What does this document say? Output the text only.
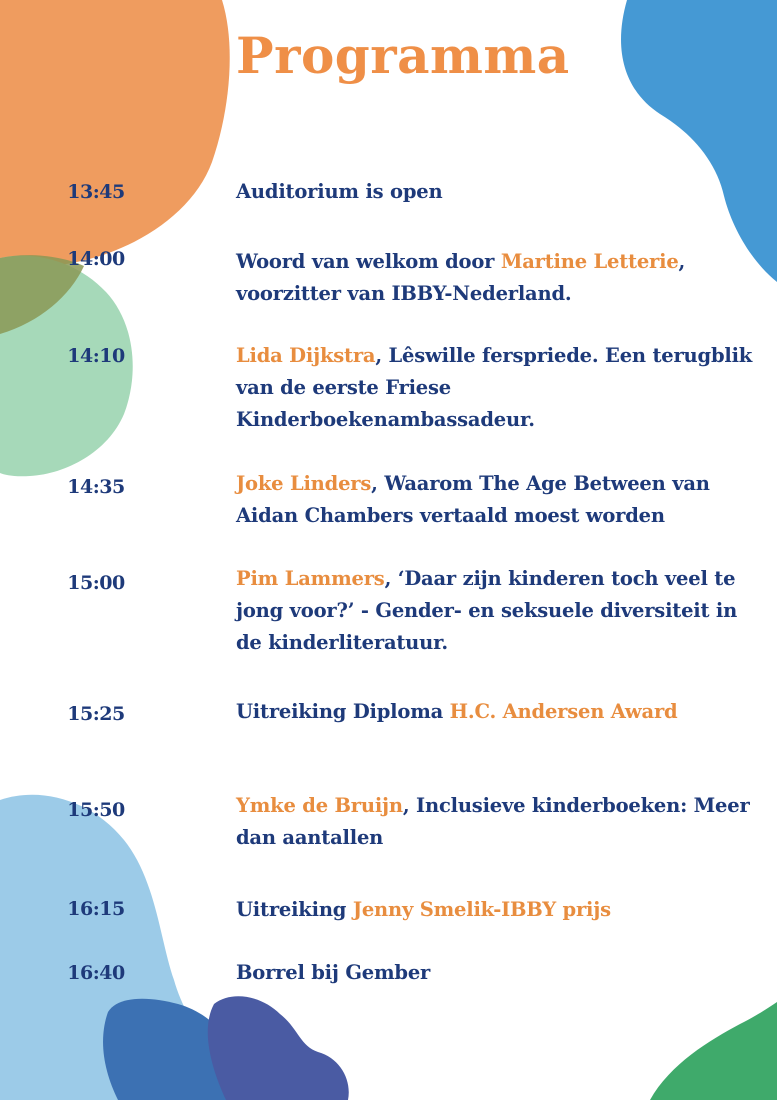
Programma
13:45	Auditorium is open

14:00	Woord van welkom door Martine Letterie, voorzitter van IBBY-Nederland.

14:10	Lida Dijkstra, Lêswille ferspriede. Een terugblik van de eerste Friese Kinderboekenambassadeur.

14:35	Joke Linders, Waarom The Age Between van Aidan Chambers vertaald moest worden

15:00	Pim Lammers, ‘Daar zijn kinderen toch veel te jong voor?’ - Gender- en seksuele diversiteit in de kinderliteratuur.

15:25	Uitreiking Diploma H.C. Andersen Award

15:50	Ymke de Bruijn, Inclusieve kinderboeken: Meer dan aantallen

16:15	Uitreiking Jenny Smelik-IBBY prijs

16:40	Borrel bij Gember
